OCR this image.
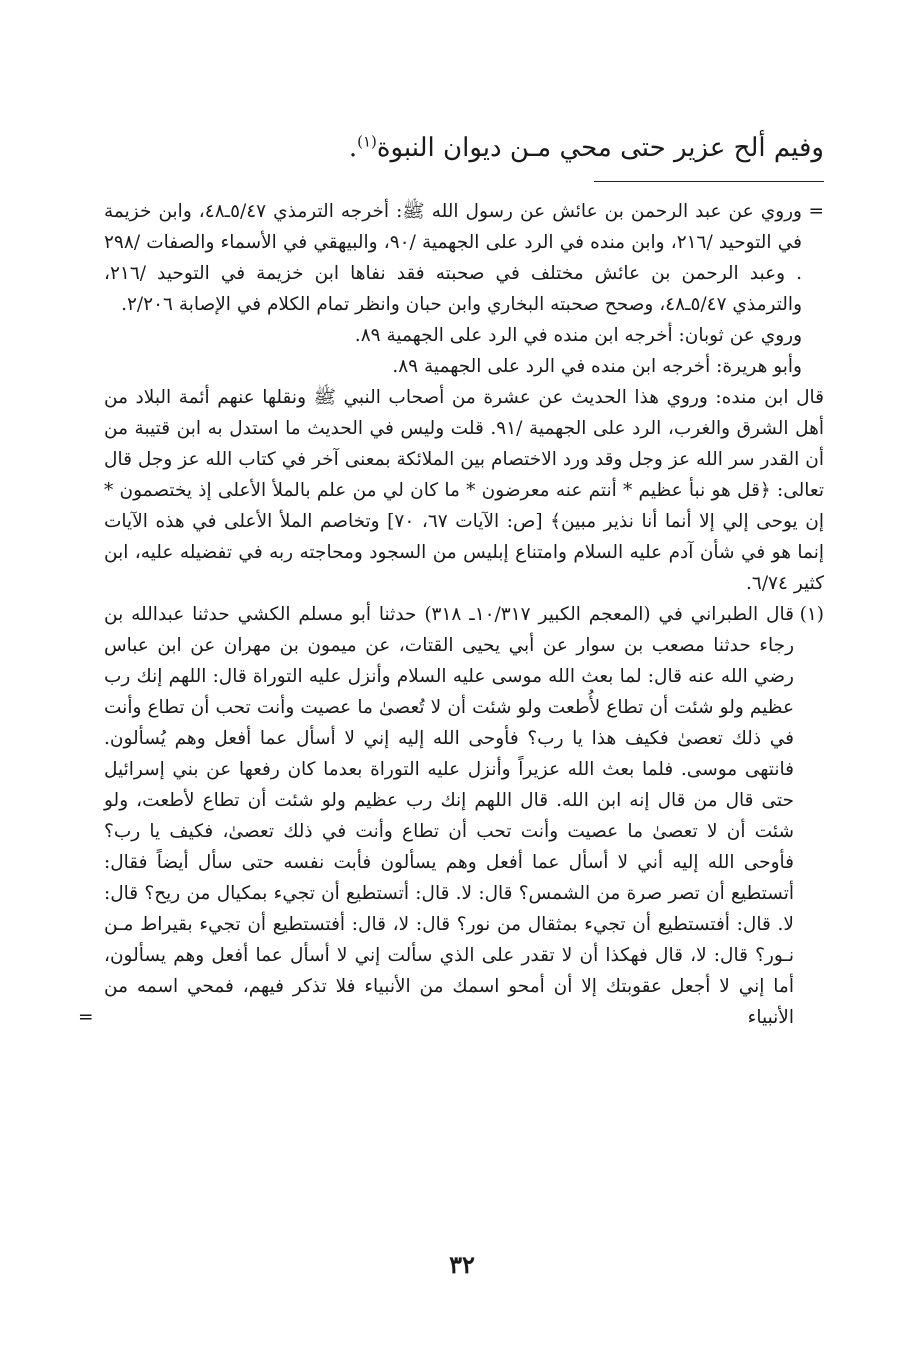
وفيم ألح عزير حتى محي مـن ديوان النبوة$^{(١)}$.

=
وروي عن عبد الرحمن بن عائش عن رسول الله ﷺ: أخرجه الترمذي ٥/٤٧ـ٤٨، وابن خزيمة في التوحيد /٢١٦، وابن منده في الرد على الجهمية /٩٠، والبيهقي في الأسماء والصفات /٢٩٨ . وعبد الرحمن بن عائش مختلف في صحبته فقد نفاها ابن خزيمة في التوحيد /٢١٦، والترمذي ٥/٤٧ـ٤٨، وصحح صحبته البخاري وابن حبان وانظر تمام الكلام في الإصابة ٢/٢٠٦.

وروي عن ثوبان: أخرجه ابن منده في الرد على الجهمية ٨٩.

وأبو هريرة: أخرجه ابن منده في الرد على الجهمية ٨٩.

قال ابن منده: وروي هذا الحديث عن عشرة من أصحاب النبي ﷺ ونقلها عنهم أئمة البلاد من أهل الشرق والغرب، الرد على الجهمية /٩١. قلت وليس في الحديث ما استدل به ابن قتيبة من أن القدر سر الله عز وجل وقد ورد الاختصام بين الملائكة بمعنى آخر في كتاب الله عز وجل قال تعالى: ﴿قل هو نبأ عظيم * أنتم عنه معرضون * ما كان لي من علم بالملأ الأعلى إذ يختصمون * إن يوحى إلي إلا أنما أنا نذير مبين﴾ [ص: الآيات ٦٧، ٧٠] وتخاصم الملأ الأعلى في هذه الآيات إنما هو في شأن آدم عليه السلام وامتناع إبليس من السجود ومحاجته ربه في تفضيله عليه، ابن كثير ٦/٧٤.

(١)
قال الطبراني في (المعجم الكبير ١٠/٣١٧ـ ٣١٨) حدثنا أبو مسلم الكشي حدثنا عبدالله بن رجاء حدثنا مصعب بن سوار عن أبي يحيى القتات، عن ميمون بن مهران عن ابن عباس رضي الله عنه قال: لما بعث الله موسى عليه السلام وأنزل عليه التوراة قال: اللهم إنك رب عظيم ولو شئت أن تطاع لأُطعت ولو شئت أن لا تُعصىٰ ما عصيت وأنت تحب أن تطاع وأنت في ذلك تعصىٰ فكيف هذا يا رب؟ فأوحى الله إليه إني لا أسأل عما أفعل وهم يُسألون. فانتهى موسى. فلما بعث الله عزيراً وأنزل عليه التوراة بعدما كان رفعها عن بني إسرائيل حتى قال من قال إنه ابن الله. قال اللهم إنك رب عظيم ولو شئت أن تطاع لأطعت، ولو شئت أن لا تعصىٰ ما عصيت وأنت تحب أن تطاع وأنت في ذلك تعصىٰ، فكيف يا رب؟ فأوحى الله إليه أني لا أسأل عما أفعل وهم يسألون فأبت نفسه حتى سأل أيضاً فقال: أتستطيع أن تصر صرة من الشمس؟ قال: لا. قال: أتستطيع أن تجيء بمكيال من ريح؟ قال: لا. قال: أفتستطيع أن تجيء بمثقال من نور؟ قال: لا، قال: أفتستطيع أن تجيء بقيراط مـن نـور؟ قال: لا، قال فهكذا أن لا تقدر على الذي سألت إني لا أسأل عما أفعل وهم يسألون، أما إني لا أجعل عقوبتك إلا أن أمحو اسمك من الأنبياء فلا تذكر فيهم، فمحي اسمه من الأنبياء
=

٣٢
